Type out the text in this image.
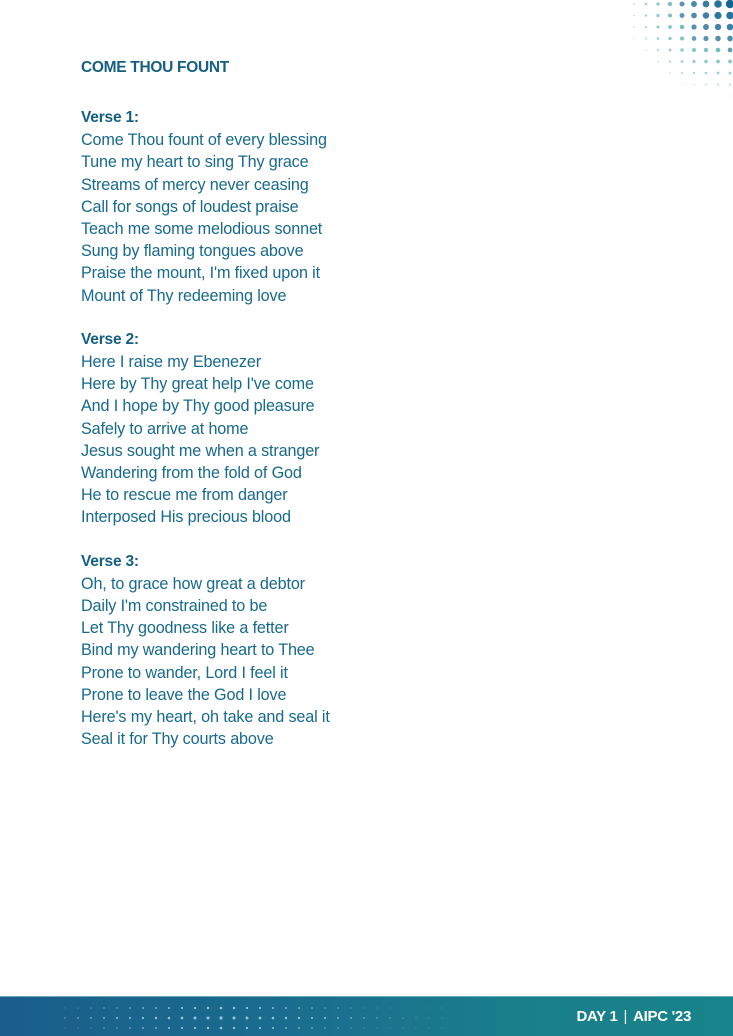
COME THOU FOUNT
Verse 1:
Come Thou fount of every blessing
Tune my heart to sing Thy grace
Streams of mercy never ceasing
Call for songs of loudest praise
Teach me some melodious sonnet
Sung by flaming tongues above
Praise the mount, I'm fixed upon it
Mount of Thy redeeming love
Verse 2:
Here I raise my Ebenezer
Here by Thy great help I've come
And I hope by Thy good pleasure
Safely to arrive at home
Jesus sought me when a stranger
Wandering from the fold of God
He to rescue me from danger
Interposed His precious blood
Verse 3:
Oh, to grace how great a debtor
Daily I'm constrained to be
Let Thy goodness like a fetter
Bind my wandering heart to Thee
Prone to wander, Lord I feel it
Prone to leave the God I love
Here's my heart, oh take and seal it
Seal it for Thy courts above
DAY 1 | AIPC '23
